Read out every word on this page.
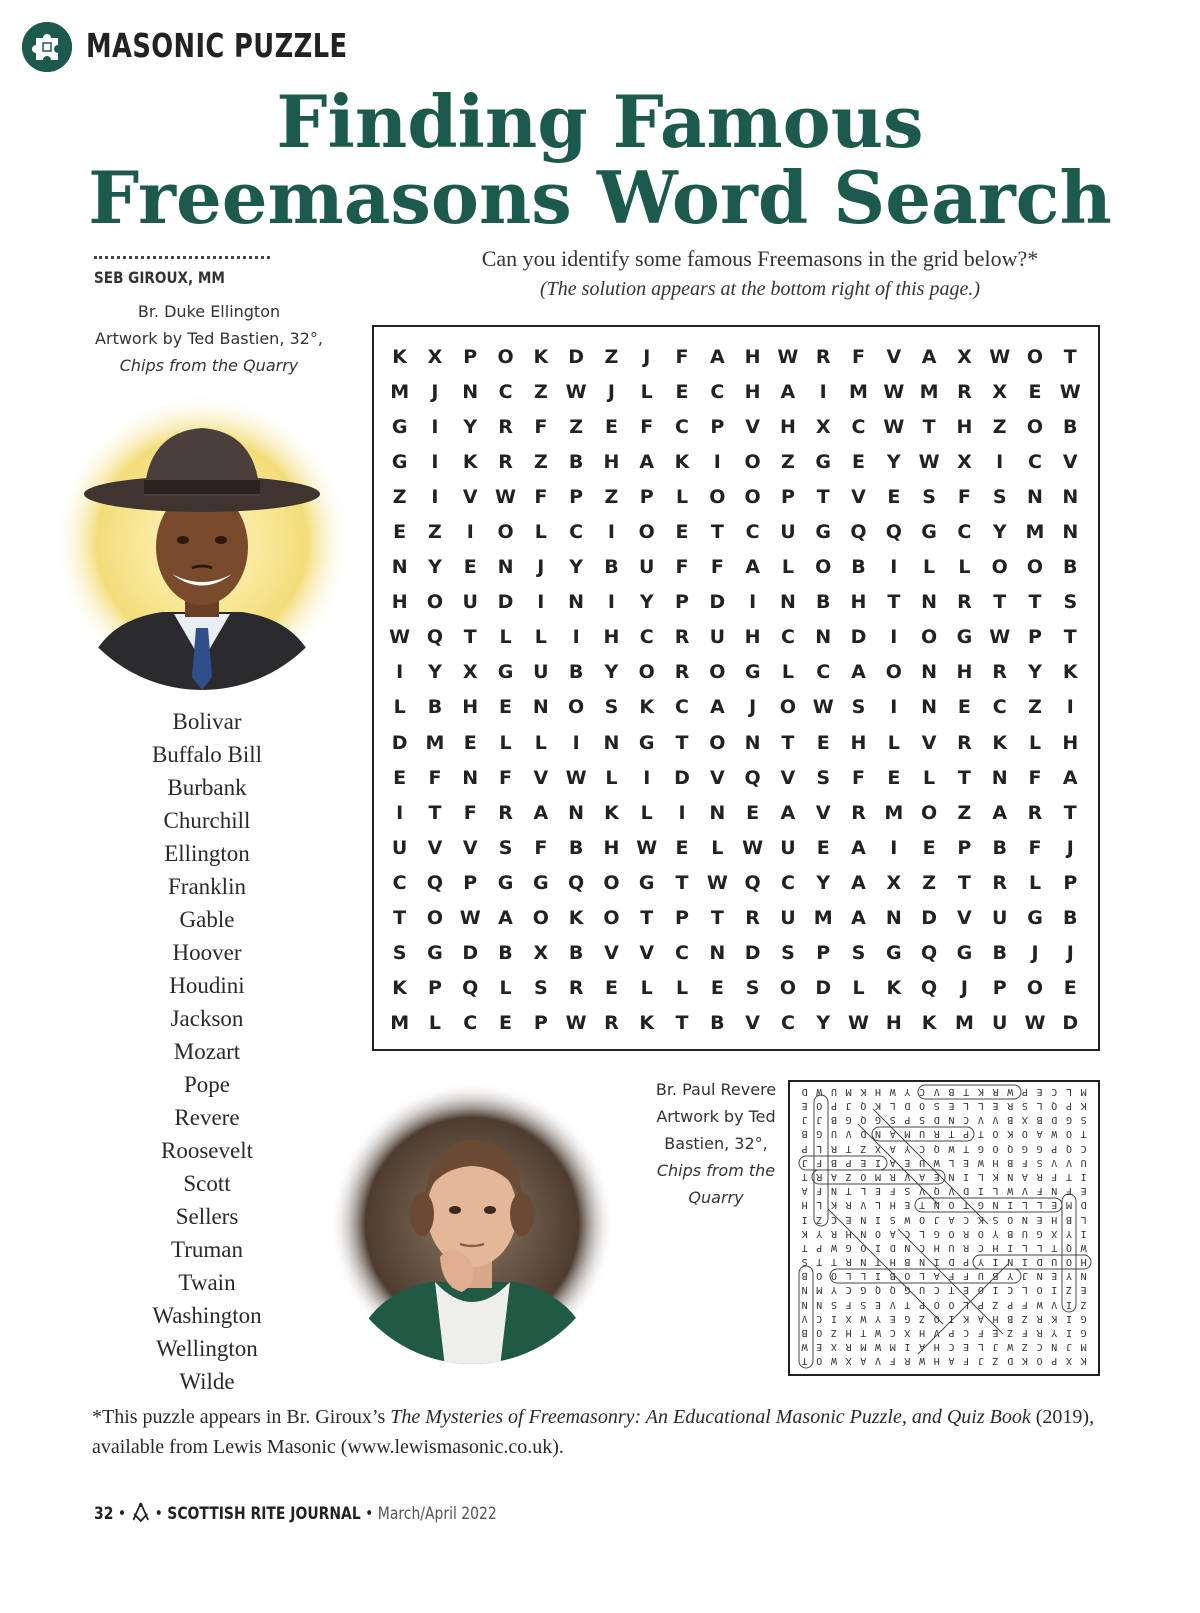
MASONIC PUZZLE
Finding Famous
Freemasons Word Search
SEB GIROUX, MM
Br. Duke Ellington
Artwork by Ted Bastien, 32°,
Chips from the Quarry
Can you identify some famous Freemasons in the grid below?*
(The solution appears at the bottom right of this page.)
Bolivar
Buffalo Bill
Burbank
Churchill
Ellington
Franklin
Gable
Hoover
Houdini
Jackson
Mozart
Pope
Revere
Roosevelt
Scott
Sellers
Truman
Twain
Washington
Wellington
Wilde
K	X	P	O	K	D	Z	J	F	A	H	W	R	F	V	A	X	W	O	T
M	J	N	C	Z	W	J	L	E	C	H	A	I	M	W	M	R	X	E	W
G	I	Y	R	F	Z	E	F	C	P	V	H	X	C	W	T	H	Z	O	B
G	I	K	R	Z	B	H	A	K	I	O	Z	G	E	Y	W	X	I	C	V
Z	I	V	W	F	P	Z	P	L	O	O	P	T	V	E	S	F	S	N	N
E	Z	I	O	L	C	I	O	E	T	C	U	G	Q	Q	G	C	Y	M	N
N	Y	E	N	J	Y	B	U	F	F	A	L	O	B	I	L	L	O	O	B
H	O	U	D	I	N	I	Y	P	D	I	N	B	H	T	N	R	T	T	S
W	Q	T	L	L	I	H	C	R	U	H	C	N	D	I	O	G	W	P	T
I	Y	X	G	U	B	Y	O	R	O	G	L	C	A	O	N	H	R	Y	K
L	B	H	E	N	O	S	K	C	A	J	O	W	S	I	N	E	C	Z	I
D	M	E	L	L	I	N	G	T	O	N	T	E	H	L	V	R	K	L	H
E	F	N	F	V	W	L	I	D	V	Q	V	S	F	E	L	T	N	F	A
I	T	F	R	A	N	K	L	I	N	E	A	V	R	M	O	Z	A	R	T
U	V	V	S	F	B	H	W	E	L	W	U	E	A	I	E	P	B	F	J
C	Q	P	G	G	Q	O	G	T	W	Q	C	Y	A	X	Z	T	R	L	P
T	O	W	A	O	K	O	T	P	T	R	U	M	A	N	D	V	U	G	B
S	G	D	B	X	B	V	V	C	N	D	S	P	S	G	Q	G	B	J	J
K	P	Q	L	S	R	E	L	L	E	S	O	D	L	K	Q	J	P	O	E
M	L	C	E	P	W	R	K	T	B	V	C	Y	W	H	K	M	U	W	D
Br. Paul Revere
Artwork by Ted
Bastien, 32°,
Chips from the
Quarry
K	X	P	O	K	D	Z	J	F	A	H	W	R	F	V	A	X	W	O	T
M	J	N	C	Z	W	J	L	E	C	H	A	I	M	W	M	R	X	E	W
G	I	Y	R	F	Z	E	F	C	P	V	H	X	C	W	T	H	Z	O	B
G	I	K	R	Z	B	H	A	K	I	O	Z	G	E	Y	W	X	I	C	V
Z	I	V	W	F	P	Z	P	L	O	O	P	T	V	E	S	F	S	N	N
E	Z	I	O	L	C	I	O	E	T	C	U	G	Q	Q	G	C	Y	M	N
N	Y	E	N	J	Y	B	U	F	F	A	L	O	B	I	L	L	O	O	B
H	O	U	D	I	N	I	Y	P	D	I	N	B	H	T	N	R	T	T	S
W	Q	T	L	L	I	H	C	R	U	H	C	N	D	I	O	G	W	P	T
I	Y	X	G	U	B	Y	O	R	O	G	L	C	A	O	N	H	R	Y	K
L	B	H	E	N	O	S	K	C	A	J	O	W	S	I	N	E	C	Z	I
D	M	E	L	L	I	N	G	T	O	N	T	E	H	L	V	R	K	L	H
E	F	N	F	V	W	L	I	D	V	Q	V	S	F	E	L	T	N	F	A
I	T	F	R	A	N	K	L	I	N	E	A	V	R	M	O	Z	A	R	T
U	V	V	S	F	B	H	W	E	L	W	U	E	A	I	E	P	B	F	J
C	Q	P	G	G	Q	O	G	T	W	Q	C	Y	A	X	Z	T	R	L	P
T	O	W	A	O	K	O	T	P	T	R	U	M	A	N	D	V	U	G	B
S	G	D	B	X	B	V	V	C	N	D	S	P	S	G	Q	G	B	J	J
K	P	Q	L	S	R	E	L	L	E	S	O	D	L	K	Q	J	P	O	E
M	L	C	E	P	W	R	K	T	B	V	C	Y	W	H	K	M	U	W	D
*This puzzle appears in Br. Giroux’s The Mysteries of Freemasonry: An Educational Masonic Puzzle, and Quiz Book (2019), available from Lewis Masonic (www.lewismasonic.co.uk).
32 •  • SCOTTISH RITE JOURNAL • March/April 2022
